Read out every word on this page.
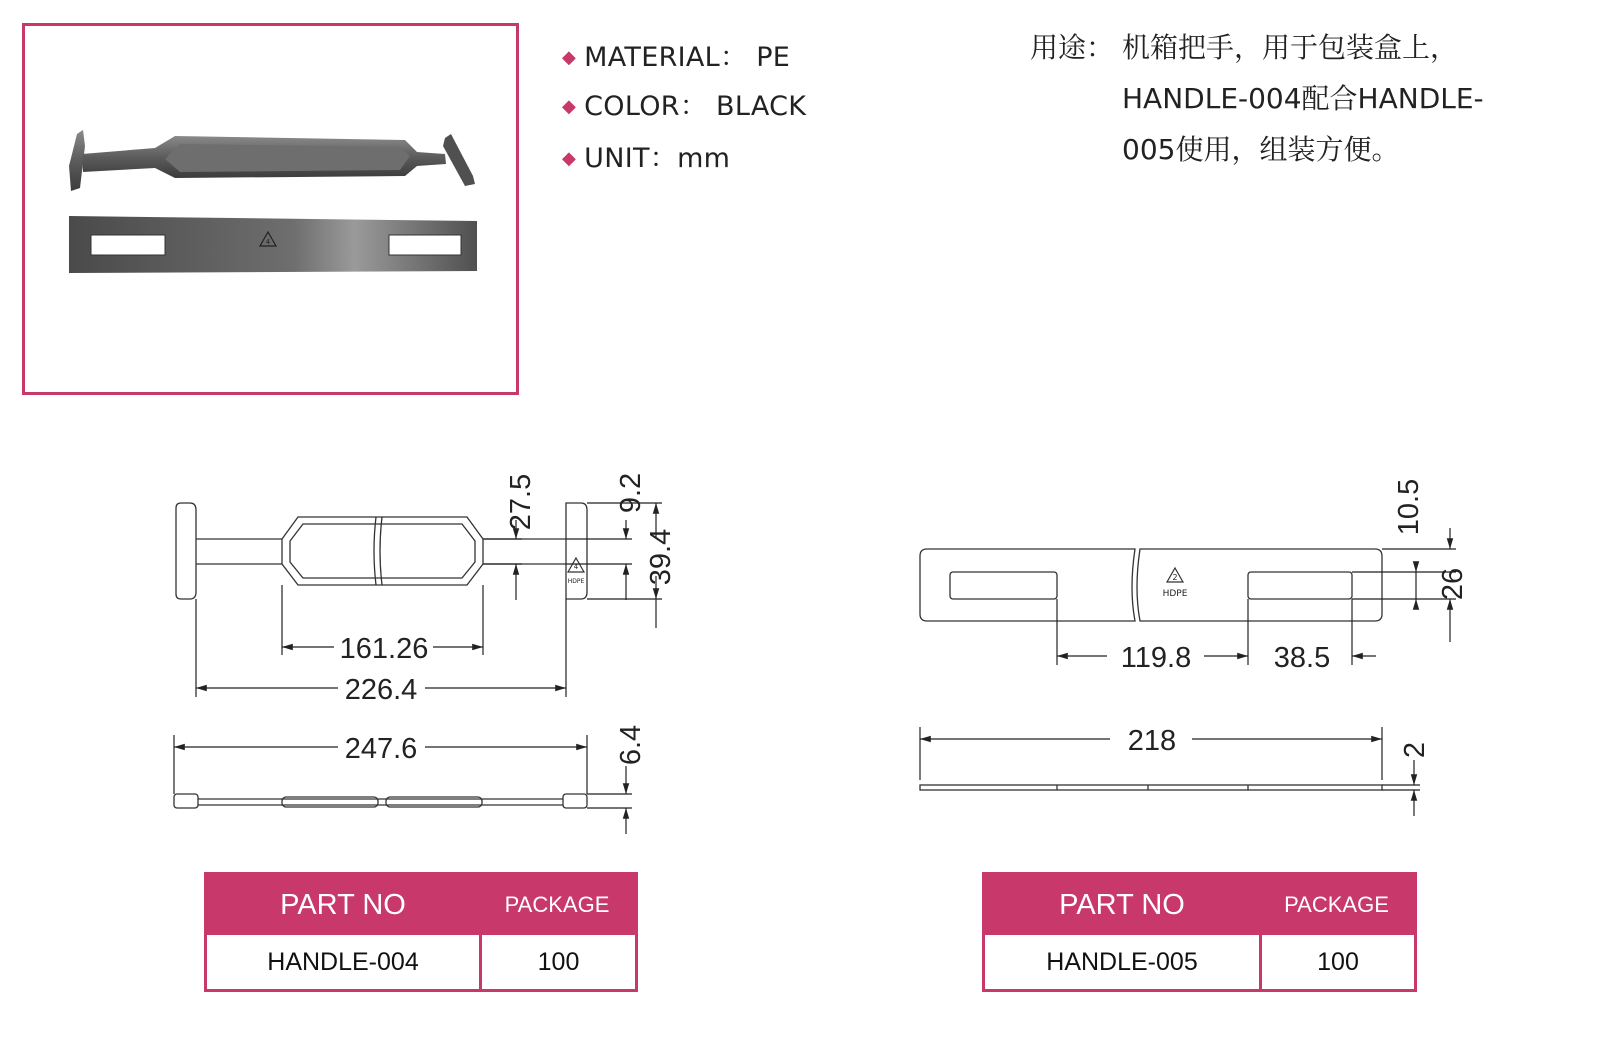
4
◆ MATERIAL： PE
◆ COLOR： BLACK
◆ UNIT：mm
用途： 机箱把手，用于包装盒上，
HANDLE-004配合HANDLE-
005使用，组装方便。
4
HDPE
161.26
226.4
247.6
27.5	9.2
39.4
6.4
2
HDPE
119.8	38.5
218
10.5
26
2
PART NO	PACKAGE
HANDLE-004	100
PART NO	PACKAGE
HANDLE-005	100
